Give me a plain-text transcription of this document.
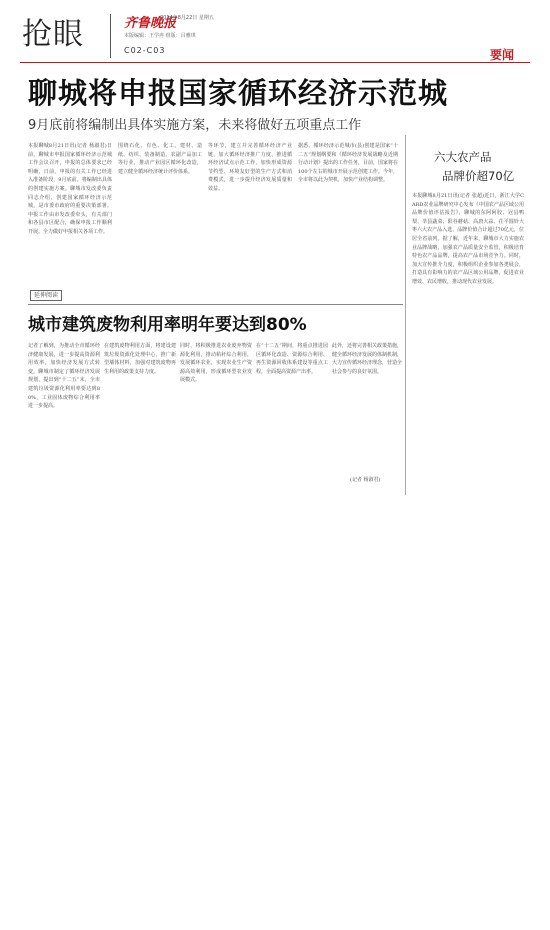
抢眼	齐鲁晚报
2014年8月22日 星期五
本版编辑：王学冉 组版：吕雅琪
C02-C03	要闻
聊城将申报国家循环经济示范城
9月底前将编制出具体实施方案，未来将做好五项重点工作
本报聊城8月21日讯(记者 杨淑君)日前，聊城市申报国家循环经济示范城工作会议召开，申报的总体要求已经明确，日前，申报的有关工作已经进入准备阶段，9月底前，将编制出具体的创建实施方案。聊城市发改委负责同志介绍，创建国家循环经济示范城，是市委市政府的重要决策部署。申报工作由市发改委牵头，有关部门和各县市区配合，确保申报工作顺利开展。全力做好申报相关各项工作。
围绕石化、有色、化工、建材、造纸、纺织、装备制造、农副产品加工等行业，推动产业园区循环化改造，建立健全循环经济统计评价体系。
等环节，建立并完善循环经济产业链，加大循环经济推广力度，推进循环经济试点示范工作，加快形成资源节约型、环境友好型的生产方式和消费模式，进一步提升经济发展质量和效益。
据悉，循环经济示范城市(县)创建是国家“十二五”规划纲要和《循环经济发展战略及近期行动计划》提出的工作任务，目前，国家将在100个左右的城市开展示范创建工作。今年，全市将以此为契机，加快产业结构调整。
延伸阅读
城市建筑废物利用率明年要达到80%
记者了解到，为推动全市循环经济健康发展，进一步提高资源利用效率，加快经济发展方式转变，聊城市制定了循环经济发展规划，提出到“十二五”末，全市建筑垃圾资源化利用率要达到80%，工业固体废物综合利用率进一步提高。
在建筑废物利用方面，将建设建筑垃圾资源化处理中心，推广新型墙体材料，加强对建筑废物再生利用的政策支持力度。
同时，将积极推进农业废弃物资源化利用，推动秸秆综合利用，发展循环农业，实现农业生产资源高效利用，形成循环型农业发展模式。
在“十二五”期间，将重点推进园区循环化改造、资源综合利用、再生资源回收体系建设等重点工程，全面提高资源产出率。
此外，还将完善相关政策措施，健全循环经济发展的体制机制，大力宣传循环经济理念，营造全社会参与的良好氛围。
(记者 杨淑君)
六大农产品
品牌价超70亿
本报聊城8月21日讯(记者 张超)近日，浙江大学CARD农业品牌研究中心发布《中国农产品区域公用品牌价值评估报告》，聊城的东阿阿胶、冠县鸭梨、莘县蔬菜、阳谷蘑菇、高唐大蒜、茌平圆铃大枣六大农产品入选，品牌价值合计超过70亿元，位居全省前列。据了解，近年来，聊城市大力实施农业品牌战略，加强农产品质量安全监管，积极培育特色农产品品牌，提高农产品市场竞争力。同时，加大宣传推介力度，积极组织企业参加各类展会，打造具有影响力的农产品区域公用品牌，促进农业增效、农民增收，推动现代农业发展。
